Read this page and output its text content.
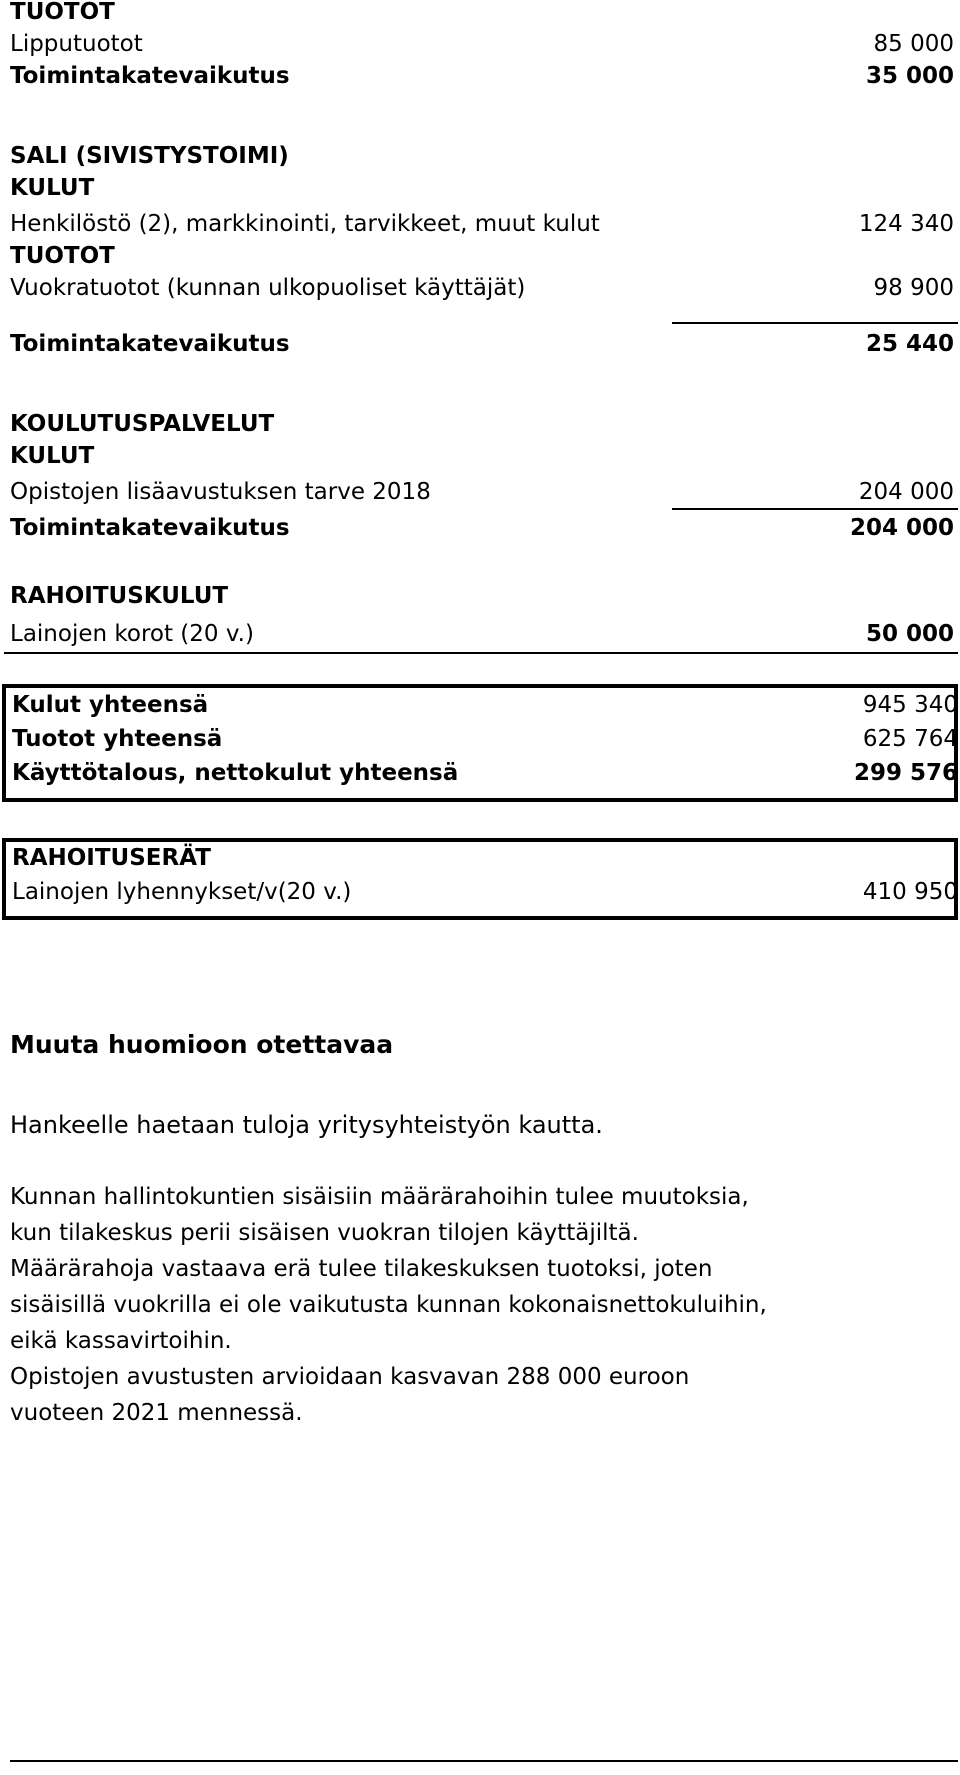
TUOTOT
Lipputuotot	85 000
Toimintakatevaikutus	35 000
SALI (SIVISTYSTOIMI)
KULUT
Henkilöstö (2), markkinointi, tarvikkeet, muut kulut	124 340
TUOTOT
Vuokratuotot (kunnan ulkopuoliset käyttäjät)	98 900
Toimintakatevaikutus	25 440
KOULUTUSPALVELUT
KULUT
Opistojen lisäavustuksen tarve 2018	204 000
Toimintakatevaikutus	204 000
RAHOITUSKULUT
Lainojen korot (20 v.)	50 000
Kulut yhteensä	945 340
Tuotot yhteensä	625 764
Käyttötalous, nettokulut yhteensä	299 576
RAHOITUSERÄT
Lainojen lyhennykset/v(20 v.)	410 950
Muuta huomioon otettavaa
Hankeelle haetaan tuloja yritysyhteistyön kautta.
Kunnan hallintokuntien sisäisiin määrärahoihin tulee muutoksia,
kun tilakeskus perii sisäisen vuokran tilojen käyttäjiltä.
Määrärahoja vastaava erä tulee tilakeskuksen tuotoksi, joten
sisäisillä vuokrilla ei ole vaikutusta kunnan kokonaisnettokuluihin,
eikä kassavirtoihin.
Opistojen avustusten arvioidaan kasvavan 288 000 euroon
vuoteen 2021 mennessä.
